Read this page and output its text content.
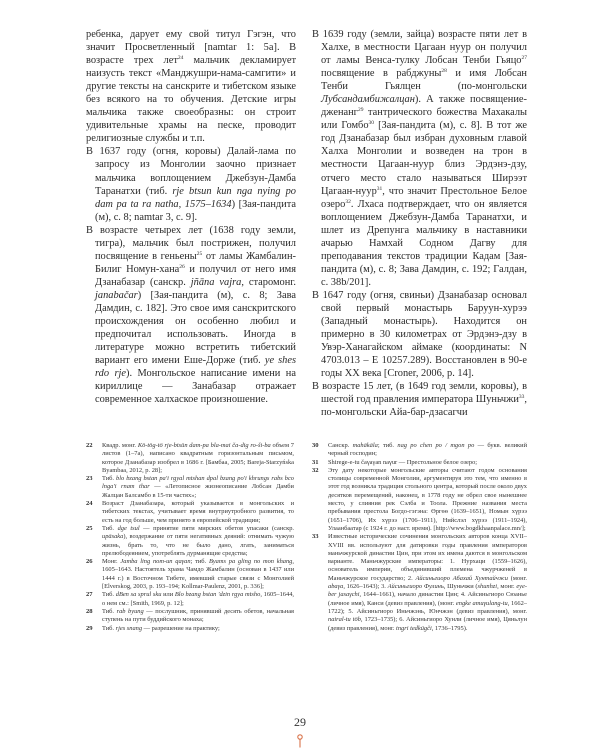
ребенка, дарует ему свой титул Гэгэн, что значит Просветленный [namtar 1: 5a]. В возрасте трех лет$^{24}$ мальчик декламирует наизусть текст «Манджушри-нама-самгити» и другие тексты на санскрите и тибетском языке без всякого на то обучения. Детские игры мальчика также своеобразны: он строит удивительные храмы на песке, проводит религиозные службы и т.п.

В 1637 году (огня, коровы) Далай-лама по запросу из Монголии заочно признает мальчика воплощением Джебзун-Дамба Таранатхи (тиб. rje btsun kun nga nying po dam pa ta ra natha, 1575–1634) [Зая-пандита (м), с. 8; namtar 3, с. 9].

В возрасте четырех лет (1638 году земли, тигра), мальчик был пострижен, получил посвящение в геньены$^{25}$ от ламы Жамбалин-Билиг Номун-хана$^{26}$ и получил от него имя Дзанабазар (санскр. jñāna vajra, старомонг. janabačar) [Зая-пандита (м), с. 8; Зава Дамдин, с. 182]. Это свое имя санскритского происхождения он особенно любил и предпочитал использовать. Иногда в литературе можно встретить тибетский вариант его имени Еше-Дорже (тиб. ye shes rdo rje). Монгольское написание имени на кириллице — Занабазар отражает современное халхаское произношение.

В 1639 году (земли, зайца) возрасте пяти лет в Халхе, в местности Цагаан нуур он получил от ламы Венса-тулку Лобсан Тенби Гьяцо$^{27}$ посвящение в рабджуны$^{28}$ и имя Лобсан Тенби Гьялцен (по-монгольски Лубсандамбижалцан). А также посвящение-дженанг$^{29}$ тантрического божества Махакалы или Гомбо$^{30}$ [Зая-пандита (м), с. 8]. В тот же год Дзанабазар был избран духовным главой Халха Монголии и возведен на трон в местности Цагаан-нуур близ Эрдэнэ-дзу, отчего место стало называться Ширээт Цагаан-нуур$^{31}$, что значит Престольное Белое озеро$^{32}$. Лхаса подтверждает, что он является воплощением Джебзун-Дамба Таранатхи, и шлет из Дрепунга мальчику в наставники ачарью Намхай Содном Дагву для преподавания текстов традиции Кадам [Зая-пандита (м), с. 8; Зава Дамдин, с. 192; Галдан, с. 38b/201].

В 1647 году (огня, свиньи) Дзанабазар основал свой первый монастырь Баруун-хурээ (Западный монастырь). Находится он примерно в 30 километрах от Эрдэнэ-дзу в Увэр-Ханагайском аймаке (координаты: N 4703.013 – E 10257.289). Восстановлен в 90-е годы XX века [Croner, 2006, p. 14].

В возрасте 15 лет, (в 1649 год земли, коровы), в шестой год правления императора Шуньчжи$^{33}$, по-монгольски Айа-бар-дзасагчи

22	Квадр. монг. Kö-tög-tö rje-btsün dam-pa bla-mai ča-dig ro-ši-ba объем 7 листов (1–7a), написано квадратным горизонтальным письмом, которое Дзанабазар изобрел в 1686 г. [Бамбаа, 2005; Bareja-Starzyńska Byambaa, 2012, p. 28];
23	Тиб. blo bzang bstan pa'i rgyal mtshan dpal bzang po'i khrungs rabs bco lnga'i rnam thar — «Летописное жизнеописание Лобсан Дамби Жалцан Балсамбо в 15-ти частях»;
24	Возраст Дзанабазара, который указывается в монгольских и тибетских текстах, учитывает время внутриутробного развития, то есть на год больше, чем принято в европейской традиции;
25	Тиб. dge tsul — принятие пяти мирских обетов упасаки (санскр. upāsaka), воздержание от пяти негативных деяний: отнимать чужую жизнь, брать то, что не было дано, лгать, заниматься прелюбодеянием, употреблять дурманящие средства;
26	Монг. Jamba ling nom-un qaγan; тиб. Byams pa gling no mon khang, 1605–1643. Настоятель храма Чамдо Жамбалин (основан в 1437 или 1444 г.) в Восточном Тибете, имевший старые связи с Монголией [Elverskog, 2003, p. 193–194; Kollmar-Paulenz, 2001, p. 336];
27	Тиб. dBen sa sprul sku или Blo bzang bstan 'dzin rgya mtsho, 1605–1644, о нем см.: [Smith, 1969, p. 12];
28	Тиб. rab byung — послушник, принявший десять обетов, начальная ступень на пути буддийского монаха;
29	Тиб. rjes snang — разрешение на практику;
30	Санскр. mahākāla; тиб. nag po chen po / mgon po — букв. великий черный господин;
31	Shirege-e-tu čaγaγan naγur — Престольное белое озеро;
32	Эту дату некоторые монгольские авторы считают годом основания столицы современной Монголии, аргументируя это тем, что именно в этот год возникла традиция стольного центра, который после около двух десятков перемещений, наконец, в 1778 году не обрел свое нынешнее место, у слияния рек Сэлба и Тоола. Прежние названия места пребывания престола Богдо-гэгэна: Өргөө (1639–1651), Номын хүрээ (1651–1706), Их хүрээ (1706–1911), Нийслэл хүрээ (1911–1924), Улаанбаатар (с 1924 г. до наст. время). [http://www.bogdkhaanpalace.mn/];
33	Известные исторические сочинения монгольских авторов конца XVII–XVIII вв. используют для датировки годы правления императоров маньчжурской династии Цин, при этом их имена даются в монгольском варианте. Маньчжурские императоры: 1. Нурхаци (1559–1626), основатель империи, объединивший племена чжурчженей в Маньчжурское государство; 2. Айсиньгиоро Абахай Хунтайчжи (монг. abaγa, 1626–1643); 3. Айсиньгиоро Фулинь, Шуньчжи (shunhzi, монг. eye-ber jasaγchi, 1644–1661), начало династии Цин; 4. Айсиньгиоро Сюанье (личное имя), Канси (девиз правления), (монг. engke amuγulang-tu, 1662–1722); 5. Айсиньгиоро Иньчжэнь, Юнчжэн (девиз правления), монг. nairal-tu töb, 1723–1735); 6. Айсиньгиоро Хунли (личное имя), Цяньлун (девиз правления), монг. tngri tedkügči, 1736–1795).
29
